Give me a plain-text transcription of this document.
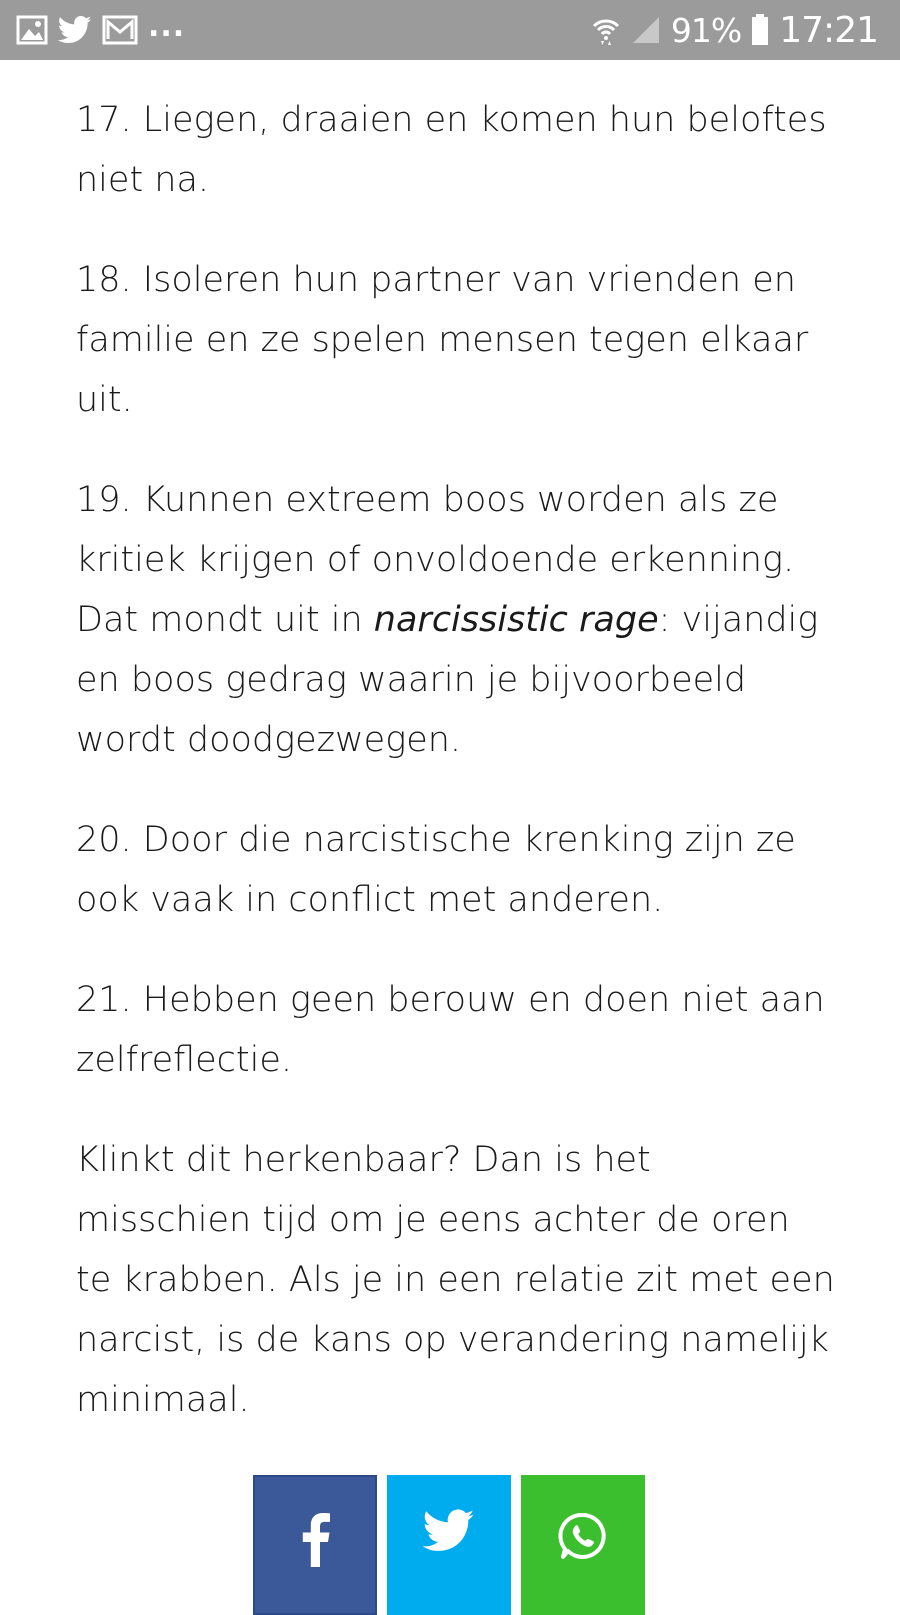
...	91% 17:21

17. Liegen, draaien en komen hun beloftes niet na.

18. Isoleren hun partner van vrienden en familie en ze spelen mensen tegen elkaar uit.

19. Kunnen extreem boos worden als ze kritiek krijgen of onvoldoende erkenning. Dat mondt uit in narcissistic rage: vijandig en boos gedrag waarin je bijvoorbeeld wordt doodgezwegen.

20. Door die narcistische krenking zijn ze ook vaak in conflict met anderen.

21. Hebben geen berouw en doen niet aan zelfreflectie.

Klinkt dit herkenbaar? Dan is het misschien tijd om je eens achter de oren te krabben. Als je in een relatie zit met een narcist, is de kans op verandering namelijk minimaal.
